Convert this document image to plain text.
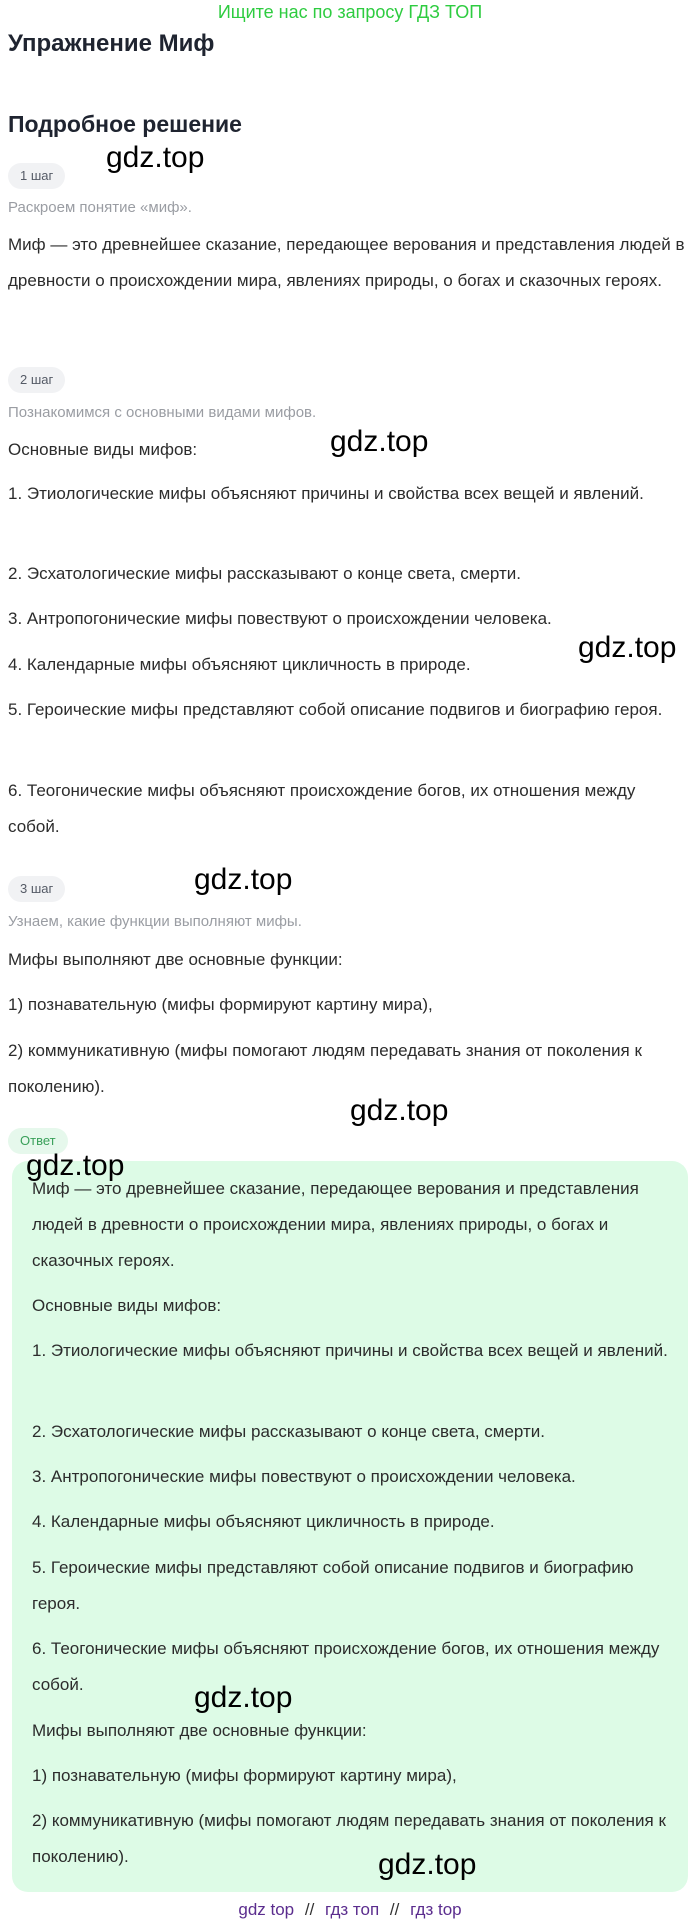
Ищите нас по запросу ГДЗ ТОП
Упражнение Миф
Подробное решение
1 шаг
Раскроем понятие «миф».
Миф — это древнейшее сказание, передающее верования и представления людей в древности о происхождении мира, явлениях природы, о богах и сказочных героях.
2 шаг
Познакомимся с основными видами мифов.
Основные виды мифов:
1. Этиологические мифы объясняют причины и свойства всех вещей и явлений.
2. Эсхатологические мифы рассказывают о конце света, смерти.
3. Антропогонические мифы повествуют о происхождении человека.
4. Календарные мифы объясняют цикличность в природе.
5. Героические мифы представляют собой описание подвигов и биографию героя.
6. Теогонические мифы объясняют происхождение богов, их отношения между собой.
3 шаг
Узнаем, какие функции выполняют мифы.
Мифы выполняют две основные функции:
1) познавательную (мифы формируют картину мира),
2) коммуникативную (мифы помогают людям передавать знания от поколения к поколению).
Ответ
Миф — это древнейшее сказание, передающее верования и представления людей в древности о происхождении мира, явлениях природы, о богах и сказочных героях.
Основные виды мифов:
1. Этиологические мифы объясняют причины и свойства всех вещей и явлений.
2. Эсхатологические мифы рассказывают о конце света, смерти.
3. Антропогонические мифы повествуют о происхождении человека.
4. Календарные мифы объясняют цикличность в природе.
5. Героические мифы представляют собой описание подвигов и биографию героя.
6. Теогонические мифы объясняют происхождение богов, их отношения между собой.
Мифы выполняют две основные функции:
1) познавательную (мифы формируют картину мира),
2) коммуникативную (мифы помогают людям передавать знания от поколения к поколению).
gdz.top
gdz.top
gdz.top
gdz.top
gdz.top
gdz.top
gdz.top
gdz.top
gdz top // гдз топ // гдз top
